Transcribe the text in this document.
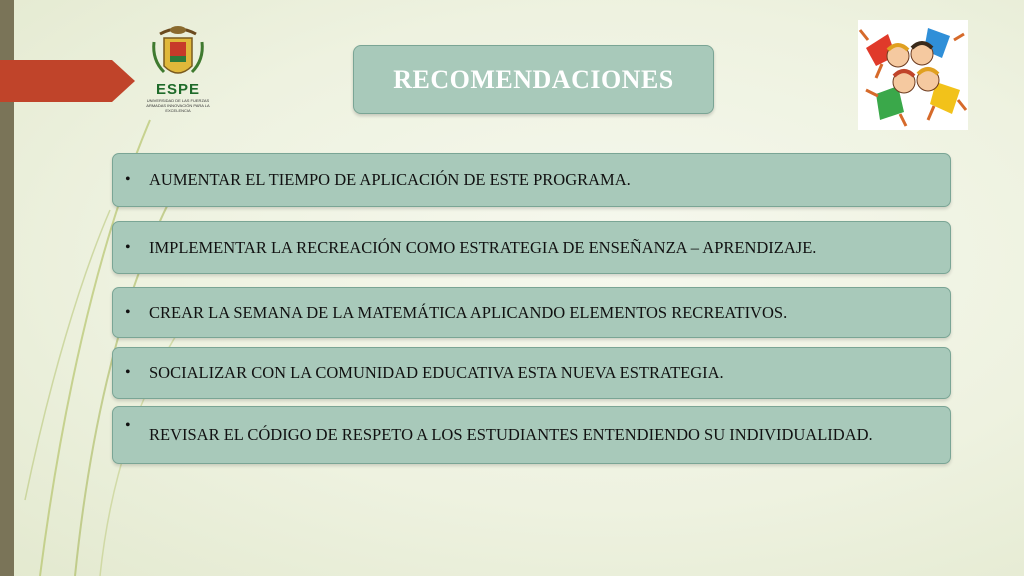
ESPE
UNIVERSIDAD DE LAS FUERZAS ARMADAS INNOVACIÓN PARA LA EXCELENCIA
RECOMENDACIONES
• AUMENTAR EL TIEMPO DE APLICACIÓN DE ESTE PROGRAMA.
• IMPLEMENTAR LA RECREACIÓN COMO ESTRATEGIA DE ENSEÑANZA – APRENDIZAJE.
• CREAR LA SEMANA DE LA MATEMÁTICA APLICANDO ELEMENTOS RECREATIVOS.
• SOCIALIZAR CON LA COMUNIDAD EDUCATIVA ESTA NUEVA ESTRATEGIA.
• REVISAR EL CÓDIGO DE RESPETO A LOS ESTUDIANTES ENTENDIENDO SU INDIVIDUALIDAD.
